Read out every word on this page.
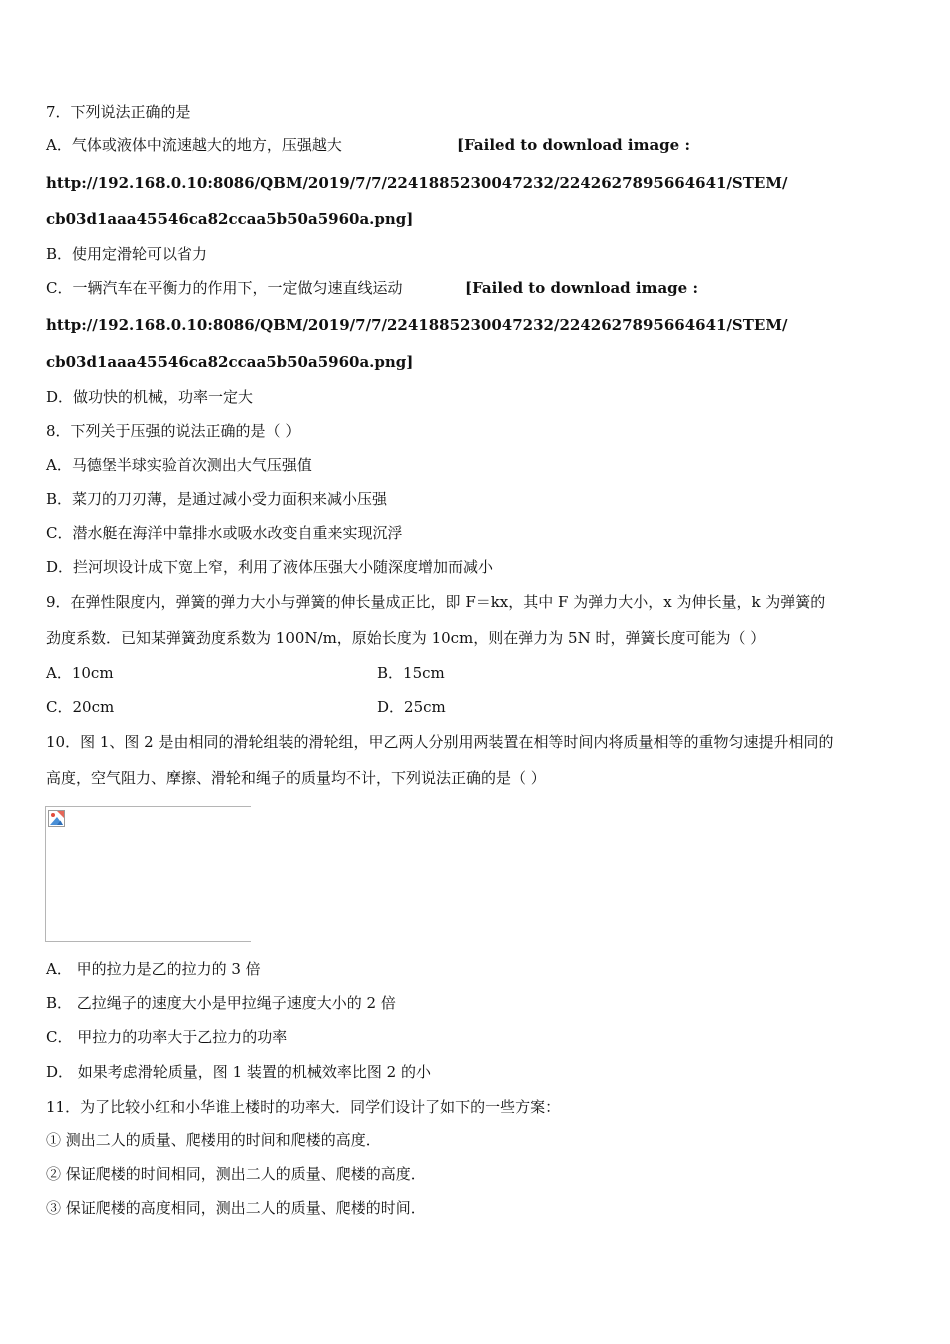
7．下列说法正确的是
A．气体或液体中流速越大的地方，压强越大	[Failed to download image :
http://192.168.0.10:8086/QBM/2019/7/7/2241885230047232/2242627895664641/STEM/
cb03d1aaa45546ca82ccaa5b50a5960a.png]
B．使用定滑轮可以省力
C．一辆汽车在平衡力的作用下，一定做匀速直线运动	[Failed to download image :
http://192.168.0.10:8086/QBM/2019/7/7/2241885230047232/2242627895664641/STEM/
cb03d1aaa45546ca82ccaa5b50a5960a.png]
D．做功快的机械，功率一定大
8．下列关于压强的说法正确的是（ ）
A．马德堡半球实验首次测出大气压强值
B．菜刀的刀刃薄，是通过减小受力面积来减小压强
C．潜水艇在海洋中靠排水或吸水改变自重来实现沉浮
D．拦河坝设计成下宽上窄，利用了液体压强大小随深度增加而减小
9．在弹性限度内，弹簧的弹力大小与弹簧的伸长量成正比，即 F＝kx，其中 F 为弹力大小，x 为伸长量，k 为弹簧的
劲度系数．已知某弹簧劲度系数为 100N/m，原始长度为 10cm，则在弹力为 5N 时，弹簧长度可能为（ ）
A．10cm	B．15cm
C．20cm	D．25cm
10．图 1、图 2 是由相同的滑轮组装的滑轮组，甲乙两人分别用两装置在相等时间内将质量相等的重物匀速提升相同的
高度，空气阻力、摩擦、滑轮和绳子的质量均不计，下列说法正确的是（ ）
A． 甲的拉力是乙的拉力的 3 倍
B． 乙拉绳子的速度大小是甲拉绳子速度大小的 2 倍
C． 甲拉力的功率大于乙拉力的功率
D． 如果考虑滑轮质量，图 1 装置的机械效率比图 2 的小
11．为了比较小红和小华谁上楼时的功率大．同学们设计了如下的一些方案：
① 测出二人的质量、爬楼用的时间和爬楼的高度．
② 保证爬楼的时间相同，测出二人的质量、爬楼的高度．
③ 保证爬楼的高度相同，测出二人的质量、爬楼的时间．
